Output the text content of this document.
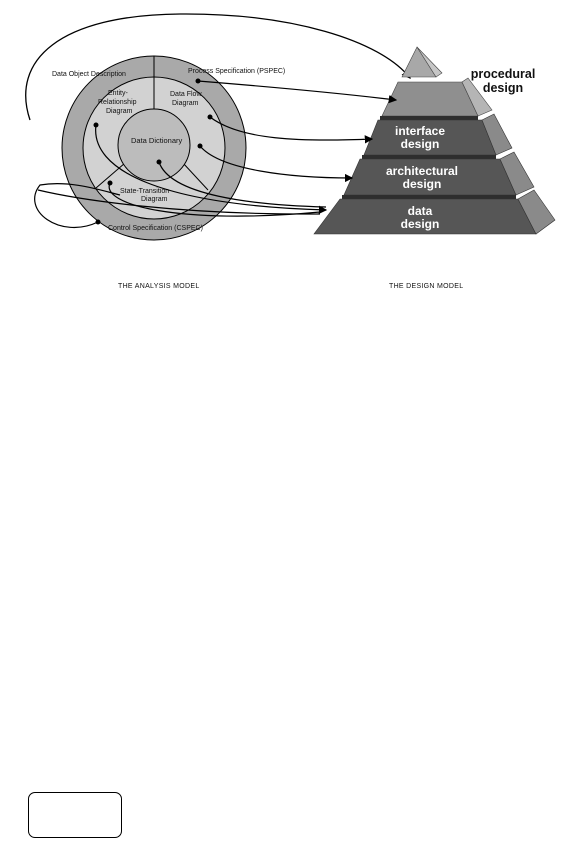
Data Object Description	Process Specification (PSPEC)
Control Specification (CSPEC)
Entity-
Relationship
Diagram
Data Flow
Diagram
State-Transition
Diagram
Data Dictionary
procedural
design
interface
design
architectural
design
data
design
THE ANALYSIS MODEL	THE DESIGN MODEL
